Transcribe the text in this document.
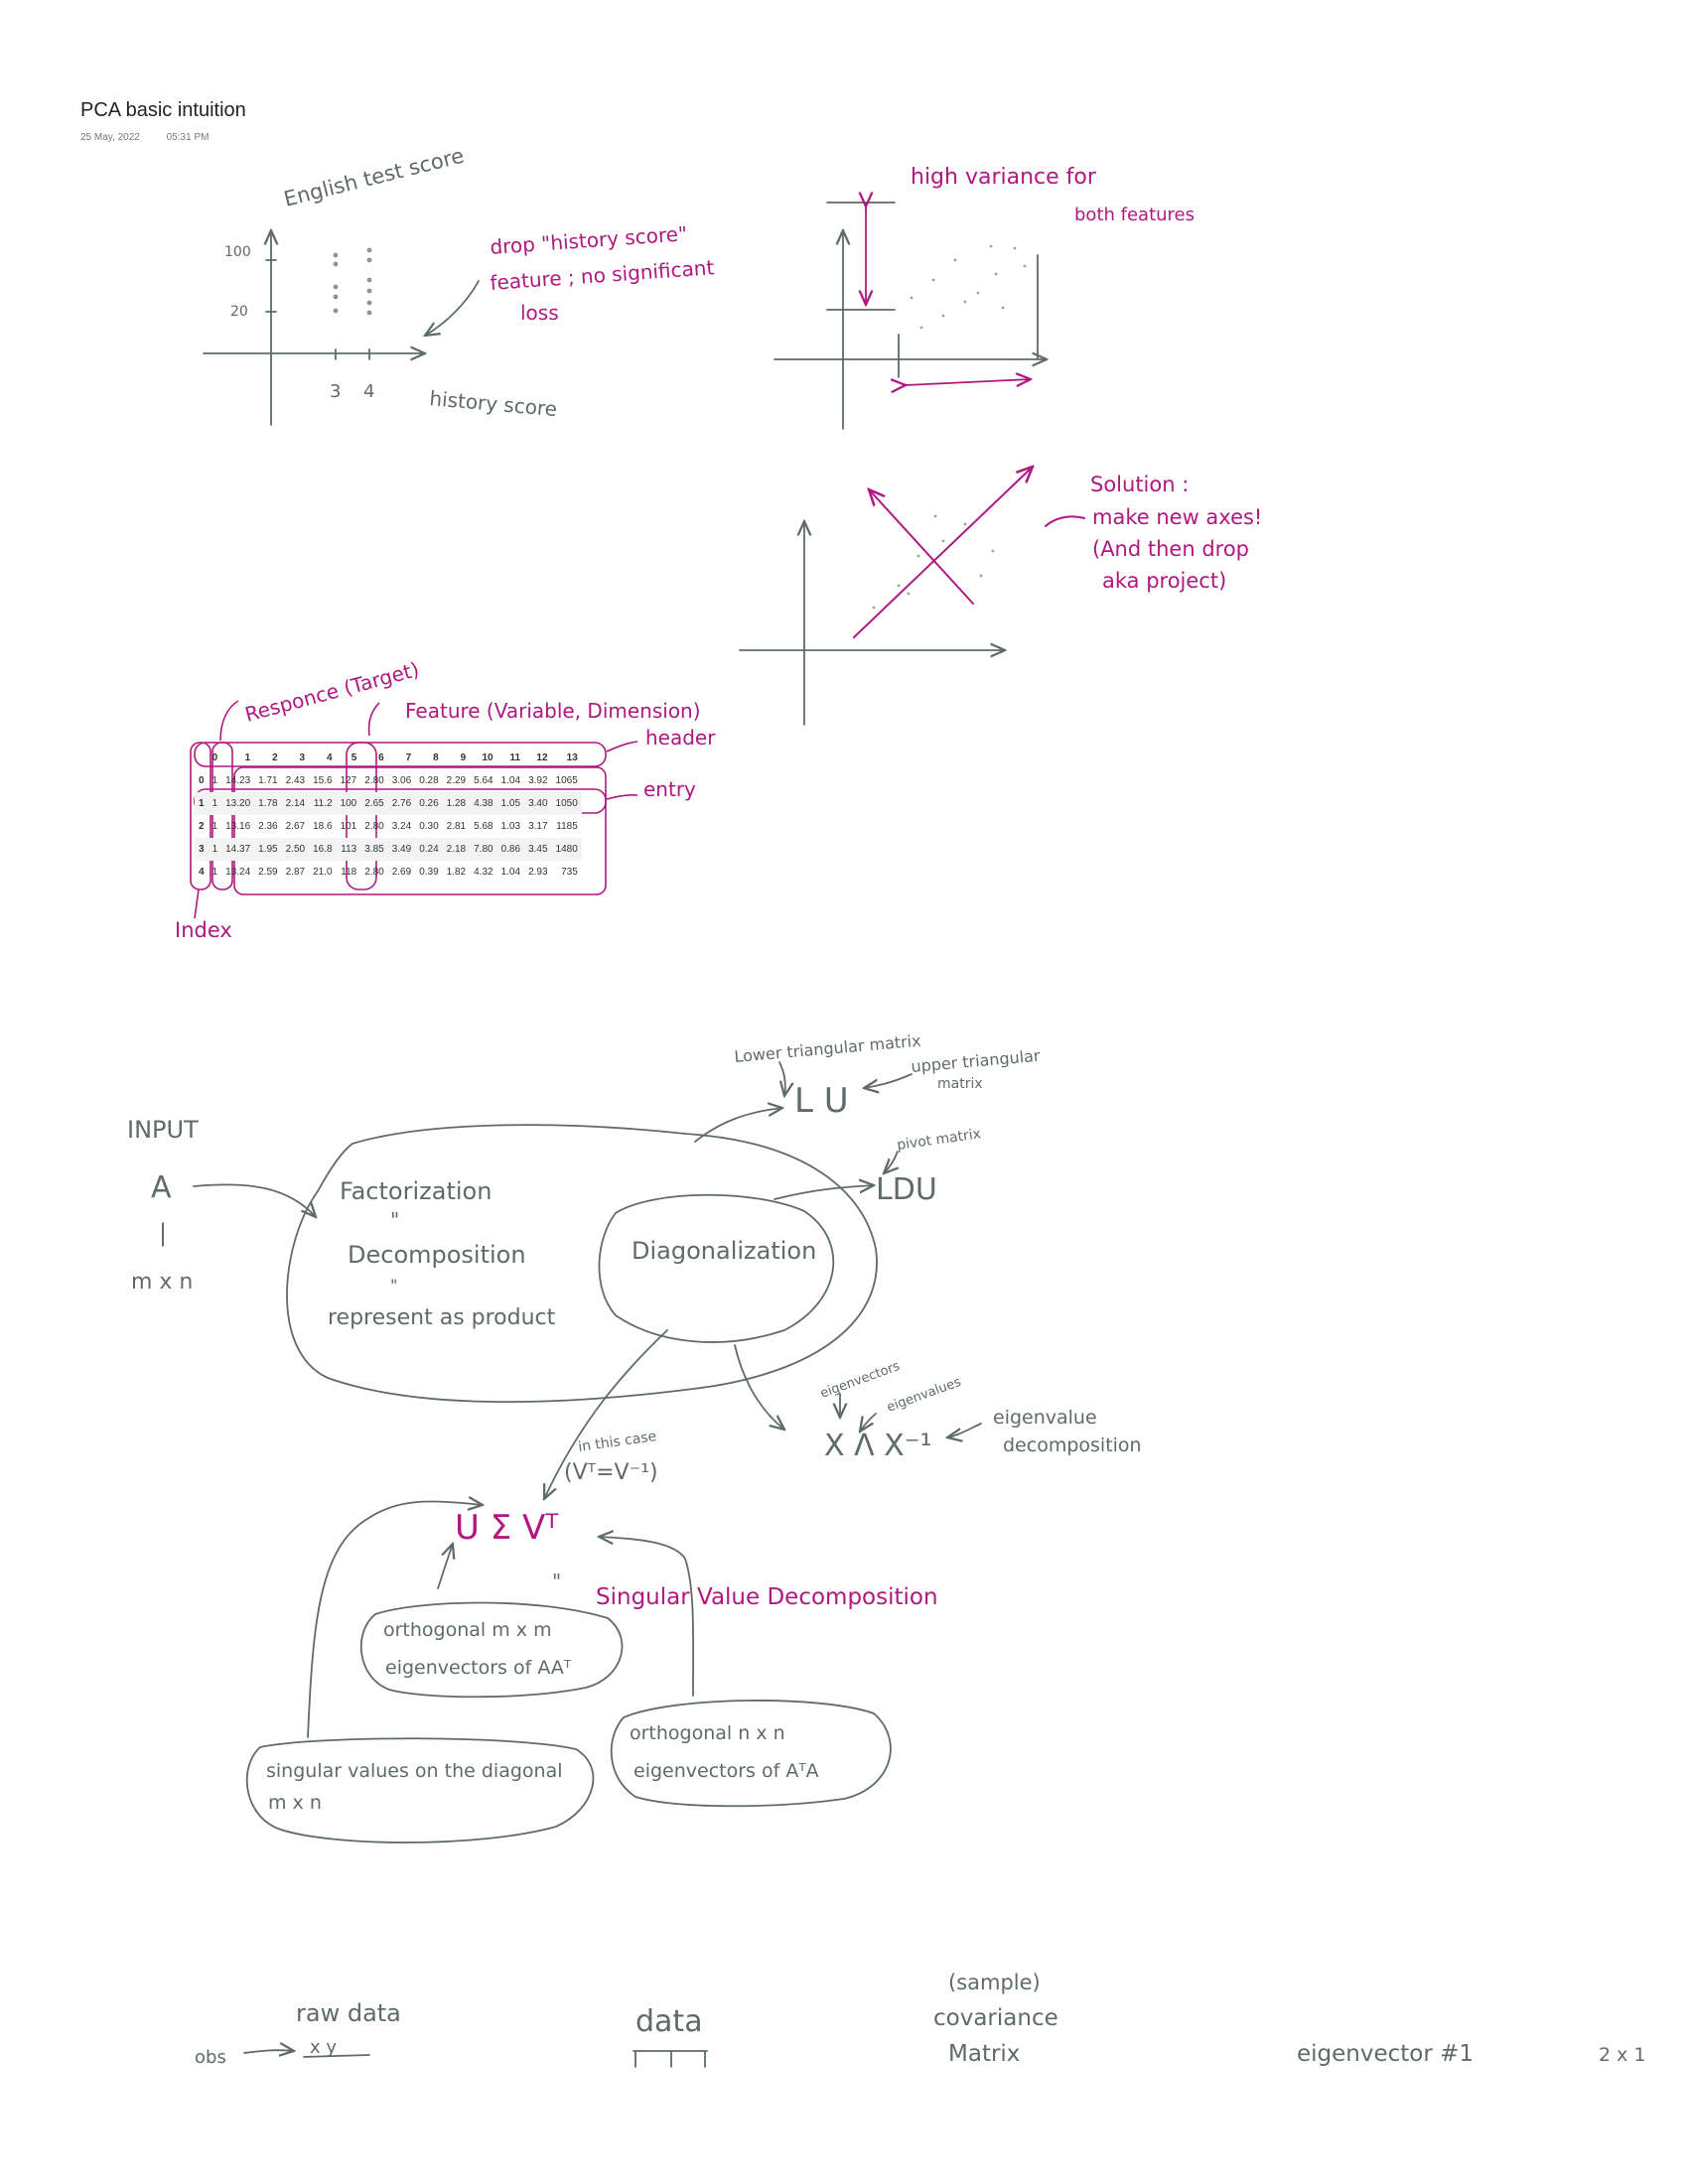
PCA basic intuition
25 May, 2022	05:31 PM
English test score
100
20
3 4	history score
drop "history score"
feature ; no significant
loss
high variance for
both features
Solution :
make new axes!
(And then drop
aka project)
Responce (Target)
Feature (Variable, Dimension)
header
entry
Index
INPUT
A
|
m x n
Factorization
"
Decomposition
"
represent as product
Diagonalization
Lower triangular matrix
upper triangular
matrix
L U
pivot matrix
LDU
eigenvectors
eigenvalues
X Λ X⁻¹
eigenvalue
decomposition
in this case
(Vᵀ=V⁻¹)
"
orthogonal m x m
eigenvectors of AAᵀ
orthogonal n x n
eigenvectors of AᵀA
singular values on the diagonal
m x n
U Σ Vᵀ
Singular Value Decomposition
raw data
x y
obs
data
(sample)
covariance
Matrix	eigenvector #1	2 x 1
	0	1	2	3	4	5	6	7	8	9	10	11	12	13
0	1	14.23	1.71	2.43	15.6	127	2.80	3.06	0.28	2.29	5.64	1.04	3.92	1065
1	1	13.20	1.78	2.14	11.2	100	2.65	2.76	0.26	1.28	4.38	1.05	3.40	1050
2	1	13.16	2.36	2.67	18.6	101	2.80	3.24	0.30	2.81	5.68	1.03	3.17	1185
3	1	14.37	1.95	2.50	16.8	113	3.85	3.49	0.24	2.18	7.80	0.86	3.45	1480
4	1	13.24	2.59	2.87	21.0	118	2.80	2.69	0.39	1.82	4.32	1.04	2.93	735
